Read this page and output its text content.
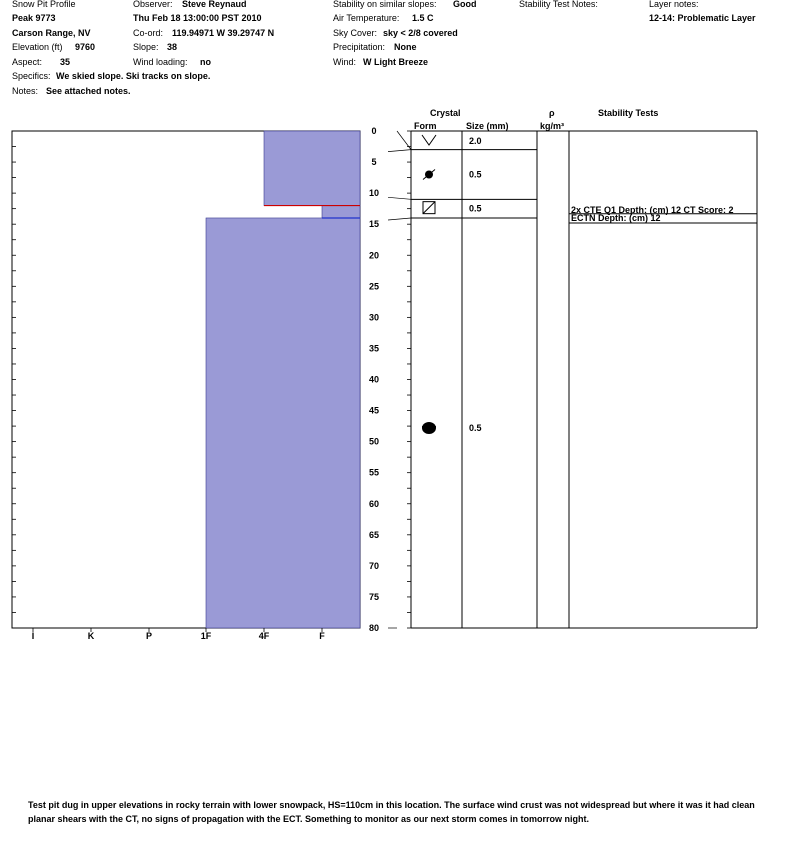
Snow Pit Profile
Peak 9773
Carson Range, NV
Elevation (ft) 9760
Aspect: 35
Specifics: We skied slope. Ski tracks on slope.
Notes: See attached notes.
Observer: Steve Reynaud
Thu Feb 18 13:00:00 PST 2010
Co-ord: 119.94971 W 39.29747 N
Slope: 38
Wind loading: no
Stability on similar slopes: Good
Air Temperature: 1.5 C
Sky Cover: sky < 2/8 covered
Precipitation: None
Wind: W Light Breeze
Stability Test Notes:	Layer notes:
12-14: Problematic Layer
I	K	P	1F	4F	F
0
5
10
15
20
25
30
35
40
45
50
55
60
65
70
75
80
Crystal
Form	Size (mm)
ρ
kg/m³
Stability Tests
2.0
0.5
0.5
0.5
2x CTE Q1 Depth: (cm) 12 CT Score: 2
ECTN Depth: (cm) 12
Test pit dug in upper elevations in rocky terrain with lower snowpack, HS=110cm in this location. The surface wind crust was not widespread but where it was it had clean planar shears with the CT, no signs of propagation with the ECT. Something to monitor as our next storm comes in tomorrow night.
